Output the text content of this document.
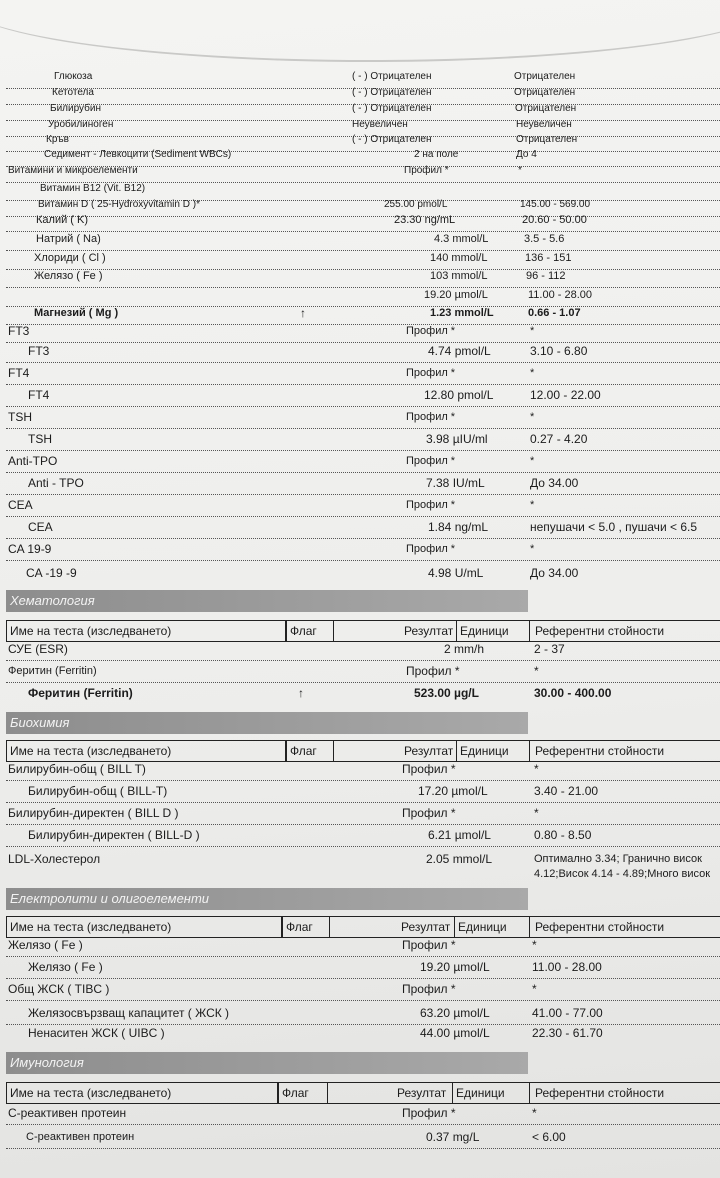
Глюкоза	( - ) Отрицателен	Отрицателен
Кетотела	( - ) Отрицателен	Отрицателен
Билирубин	( - ) Отрицателен	Отрицателен
Уробилиноген	Неувеличен	Неувеличен
Кръв	( - ) Отрицателен	Отрицателен
Седимент - Левкоцити (Sediment WBCs)	2 на поле	До 4
Витамини и микроелементи	Профил *	*
Витамин B12 (Vit. B12)
Витамин D ( 25-Hydroxyvitamin D )*	255.00 pmol/L	145.00 - 569.00
Калий ( K)	23.30 ng/mL	20.60 - 50.00
Натрий ( Na)	4.3 mmol/L	3.5 - 5.6
Хлориди ( Cl )	140 mmol/L	136 - 151
Желязо ( Fe )	103 mmol/L	96 - 112
19.20 µmol/L	11.00 - 28.00
Магнезий ( Mg )	↑	1.23 mmol/L	0.66 - 1.07
FT3	Профил *	*
FT3	4.74 pmol/L	3.10 - 6.80
FT4	Профил *	*
FT4	12.80 pmol/L	12.00 - 22.00
TSH	Профил *	*
TSH	3.98 µIU/ml	0.27 - 4.20
Anti-TPO	Профил *	*
Anti - TPO	7.38 IU/mL	До 34.00
CEA	Профил *	*
CEA	1.84 ng/mL	непушачи < 5.0 , пушачи < 6.5
CA 19-9	Профил *	*
CA -19 -9	4.98 U/mL	До 34.00
Хематология
Име на теста (изследването)	Флаг	Резултат Единици	Референтни стойности
СУЕ (ESR)	2 mm/h	2 - 37
Феритин (Ferritin)	Профил *	*
Феритин (Ferritin)	↑	523.00 µg/L	30.00 - 400.00
Биохимия
Име на теста (изследването)	Флаг	Резултат Единици	Референтни стойности
Билирубин-общ ( BILL T)	Профил *	*
Билирубин-общ ( BILL-T)	17.20 µmol/L	3.40 - 21.00
Билирубин-директен ( BILL D )	Профил *	*
Билирубин-директен ( BILL-D )	6.21 µmol/L	0.80 - 8.50
LDL-Холестерол	2.05 mmol/L	Оптимално 3.34; Гранично висок
4.12;Висок 4.14 - 4.89;Много висок
Електролити и олигоелементи
Име на теста (изследването)	Флаг	Резултат Единици	Референтни стойности
Желязо ( Fe )	Профил *	*
Желязо ( Fe )	19.20 µmol/L	11.00 - 28.00
Общ ЖСК ( TIBC )	Профил *	*
Желязосвързващ капацитет ( ЖСК )	63.20 µmol/L	41.00 - 77.00
Ненаситен ЖСК ( UIBC )	44.00 µmol/L	22.30 - 61.70
Имунология
Име на теста (изследването)	Флаг	Резултат Единици	Референтни стойности
С-реактивен протеин	Профил *	*
С-реактивен протеин	0.37 mg/L	< 6.00
